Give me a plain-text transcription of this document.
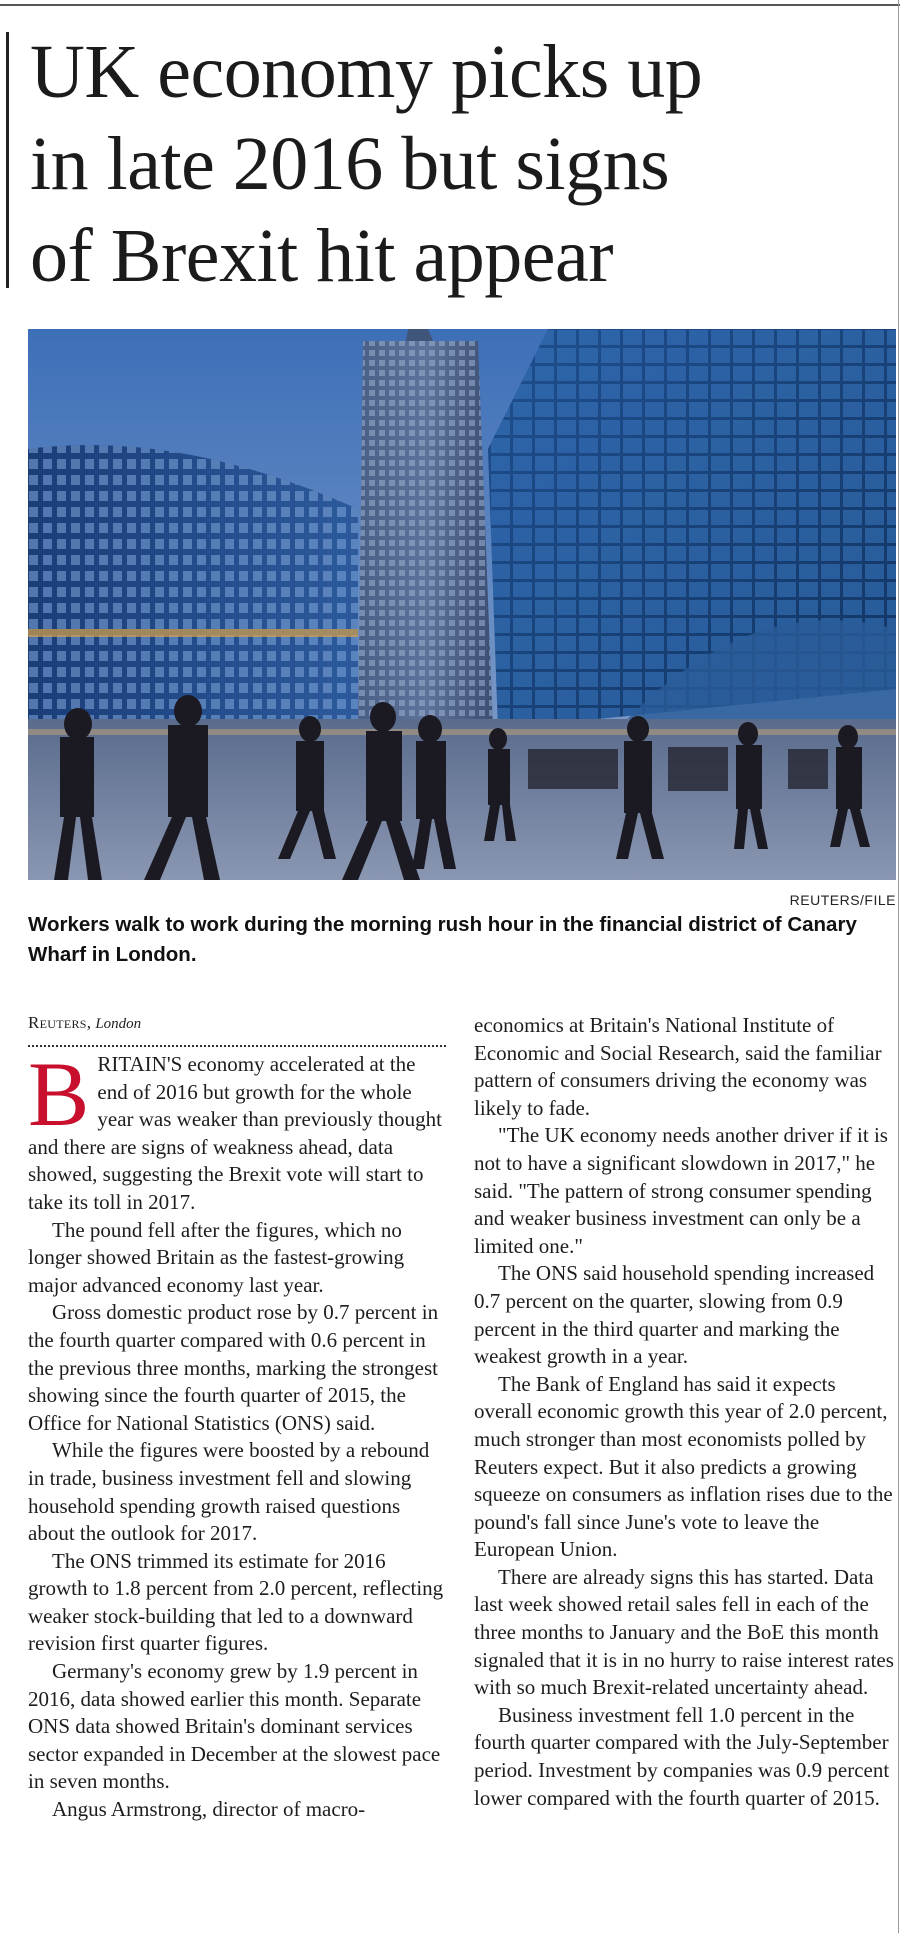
UK economy picks up
in late 2016 but signs
of Brexit hit appear
REUTERS/FILE

Workers walk to work during the morning rush hour in the financial district of Canary Wharf in London.

Reuters, London

BRITAIN'S economy accelerated at the end of 2016 but growth for the whole year was weaker than previously thought and there are signs of weakness ahead, data showed, suggesting the Brexit vote will start to take its toll in 2017.

The pound fell after the figures, which no longer showed Britain as the fastest-growing major advanced economy last year.

Gross domestic product rose by 0.7 percent in the fourth quarter compared with 0.6 percent in the previous three months, marking the strongest showing since the fourth quarter of 2015, the Office for National Statistics (ONS) said.

While the figures were boosted by a rebound in trade, business investment fell and slowing household spending growth raised questions about the outlook for 2017.

The ONS trimmed its estimate for 2016 growth to 1.8 percent from 2.0 percent, reflecting weaker stock-building that led to a downward revision first quarter figures.

Germany's economy grew by 1.9 percent in 2016, data showed earlier this month. Separate ONS data showed Britain's dominant services sector expanded in December at the slowest pace in seven months.

Angus Armstrong, director of macro-

economics at Britain's National Institute of Economic and Social Research, said the familiar pattern of consumers driving the economy was likely to fade.

"The UK economy needs another driver if it is not to have a significant slowdown in 2017," he said. "The pattern of strong consumer spending and weaker business investment can only be a limited one."

The ONS said household spending increased 0.7 percent on the quarter, slowing from 0.9 percent in the third quarter and marking the weakest growth in a year.

The Bank of England has said it expects overall economic growth this year of 2.0 percent, much stronger than most economists polled by Reuters expect. But it also predicts a growing squeeze on consumers as inflation rises due to the pound's fall since June's vote to leave the European Union.

There are already signs this has started. Data last week showed retail sales fell in each of the three months to January and the BoE this month signaled that it is in no hurry to raise interest rates with so much Brexit-related uncertainty ahead.

Business investment fell 1.0 percent in the fourth quarter compared with the July-September period. Investment by companies was 0.9 percent lower compared with the fourth quarter of 2015.
